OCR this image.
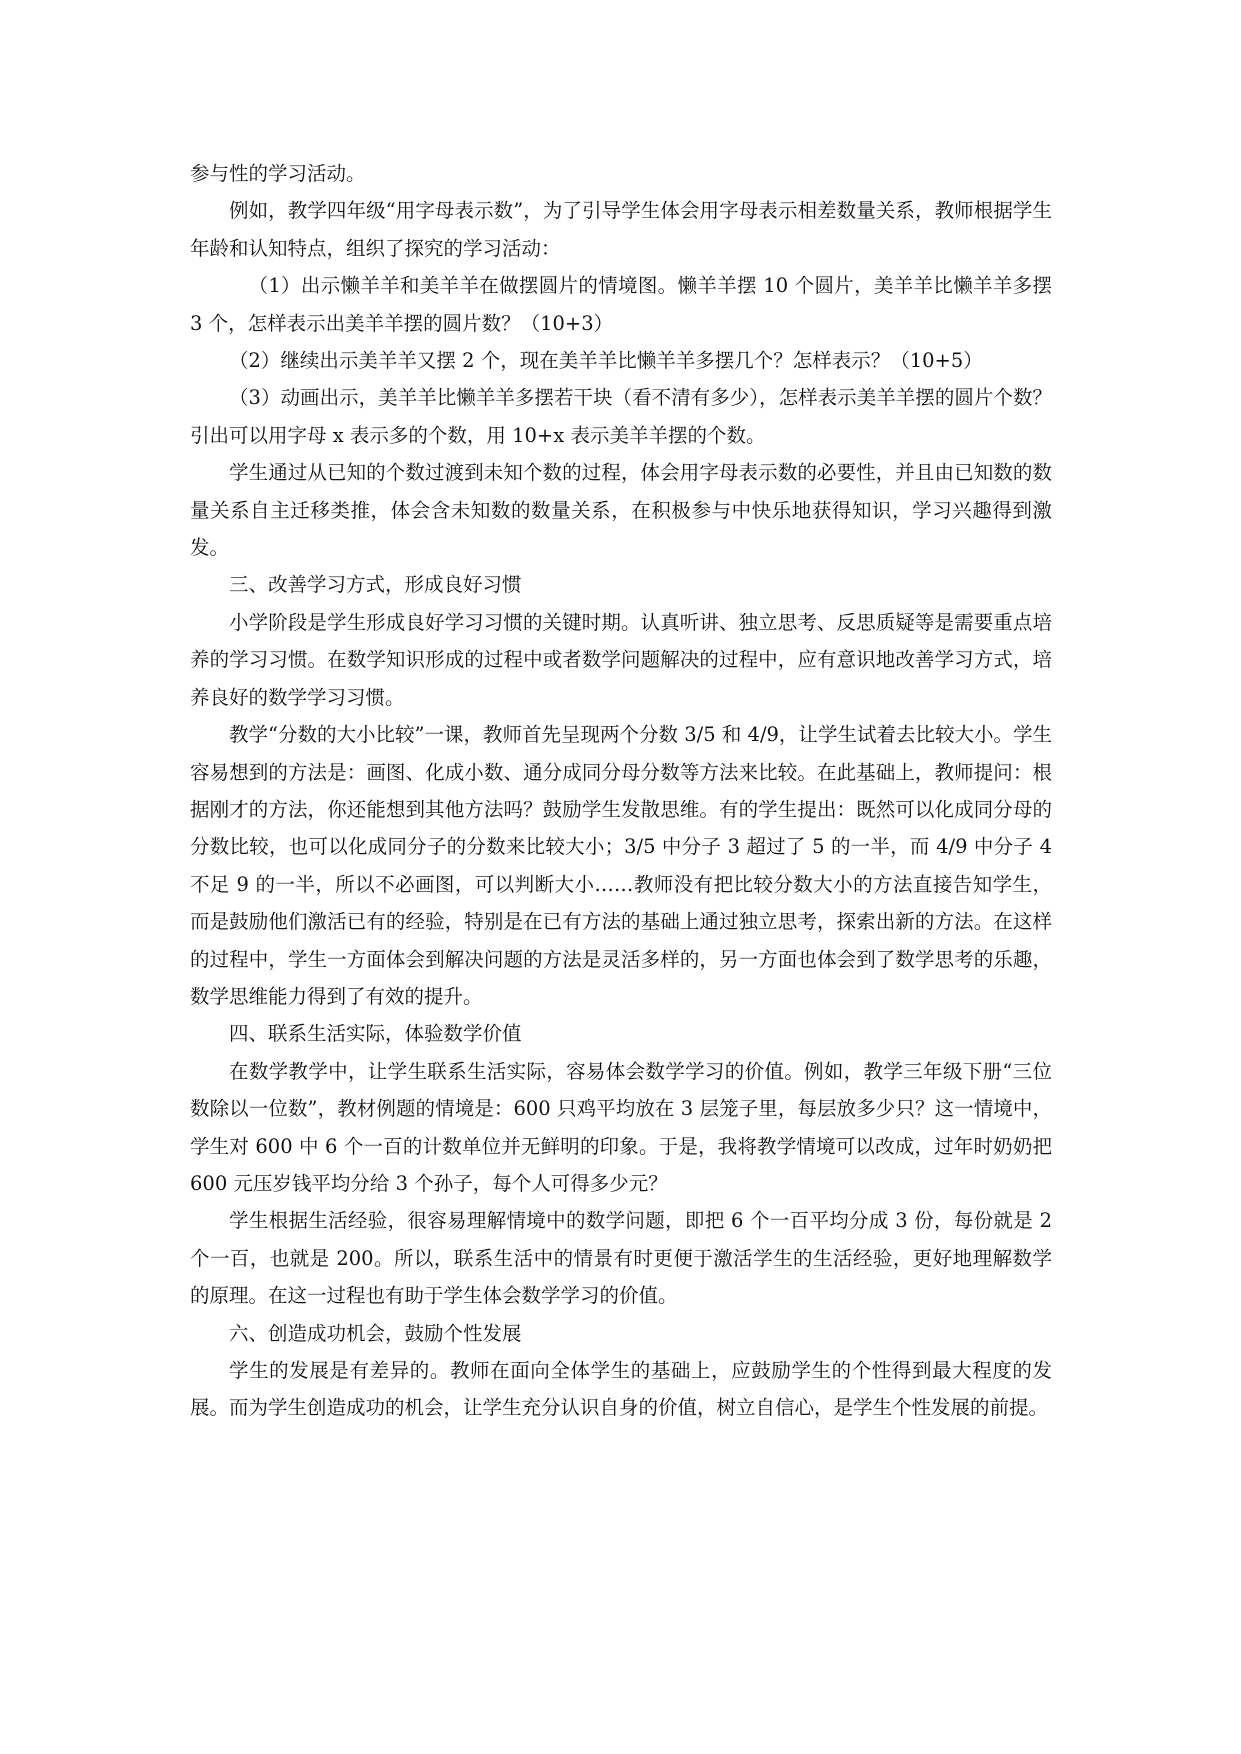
参与性的学习活动。

例如，教学四年级“用字母表示数”，为了引导学生体会用字母表示相差数量关系，教师根据学生年龄和认知特点，组织了探究的学习活动：

（1）出示懒羊羊和美羊羊在做摆圆片的情境图。懒羊羊摆 10 个圆片，美羊羊比懒羊羊多摆 3 个，怎样表示出美羊羊摆的圆片数？（10+3）

（2）继续出示美羊羊又摆 2 个，现在美羊羊比懒羊羊多摆几个？怎样表示？（10+5）

（3）动画出示，美羊羊比懒羊羊多摆若干块（看不清有多少），怎样表示美羊羊摆的圆片个数？引出可以用字母 x 表示多的个数，用 10+x 表示美羊羊摆的个数。

学生通过从已知的个数过渡到未知个数的过程，体会用字母表示数的必要性，并且由已知数的数量关系自主迁移类推，体会含未知数的数量关系，在积极参与中快乐地获得知识，学习兴趣得到激发。

三、改善学习方式，形成良好习惯

小学阶段是学生形成良好学习习惯的关键时期。认真听讲、独立思考、反思质疑等是需要重点培养的学习习惯。在数学知识形成的过程中或者数学问题解决的过程中，应有意识地改善学习方式，培养良好的数学学习习惯。

教学“分数的大小比较”一课，教师首先呈现两个分数 3/5 和 4/9，让学生试着去比较大小。学生容易想到的方法是：画图、化成小数、通分成同分母分数等方法来比较。在此基础上，教师提问：根据刚才的方法，你还能想到其他方法吗？鼓励学生发散思维。有的学生提出：既然可以化成同分母的分数比较，也可以化成同分子的分数来比较大小；3/5 中分子 3 超过了 5 的一半，而 4/9 中分子 4 不足 9 的一半，所以不必画图，可以判断大小……教师没有把比较分数大小的方法直接告知学生，而是鼓励他们激活已有的经验，特别是在已有方法的基础上通过独立思考，探索出新的方法。在这样的过程中，学生一方面体会到解决问题的方法是灵活多样的，另一方面也体会到了数学思考的乐趣，数学思维能力得到了有效的提升。

四、联系生活实际，体验数学价值

在数学教学中，让学生联系生活实际，容易体会数学学习的价值。例如，教学三年级下册“三位数除以一位数”，教材例题的情境是：600 只鸡平均放在 3 层笼子里，每层放多少只？这一情境中，学生对 600 中 6 个一百的计数单位并无鲜明的印象。于是，我将教学情境可以改成，过年时奶奶把 600 元压岁钱平均分给 3 个孙子，每个人可得多少元？

学生根据生活经验，很容易理解情境中的数学问题，即把 6 个一百平均分成 3 份，每份就是 2 个一百，也就是 200。所以，联系生活中的情景有时更便于激活学生的生活经验，更好地理解数学的原理。在这一过程也有助于学生体会数学学习的价值。

六、创造成功机会，鼓励个性发展

学生的发展是有差异的。教师在面向全体学生的基础上，应鼓励学生的个性得到最大程度的发展。而为学生创造成功的机会，让学生充分认识自身的价值，树立自信心，是学生个性发展的前提。
